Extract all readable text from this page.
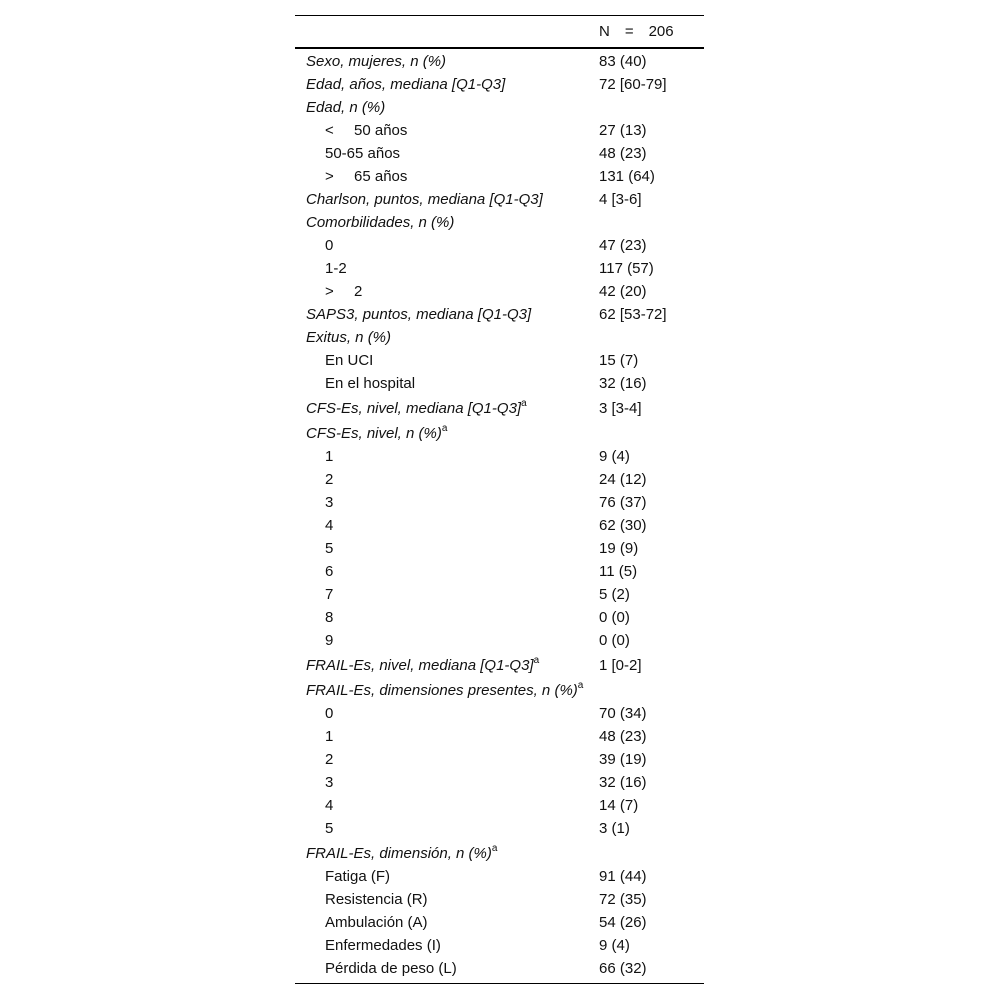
N = 206
Sexo, mujeres, n (%)	83 (40)
Edad, años, mediana [Q1-Q3]	72 [60-79]
Edad, n (%)
< 50 años	27 (13)
50-65 años	48 (23)
> 65 años	131 (64)
Charlson, puntos, mediana [Q1-Q3]	4 [3-6]
Comorbilidades, n (%)
0	47 (23)
1-2	117 (57)
> 2	42 (20)
SAPS3, puntos, mediana [Q1-Q3]	62 [53-72]
Exitus, n (%)
En UCI	15 (7)
En el hospital	32 (16)
CFS-Es, nivel, mediana $[Q1-Q3]^a$	3 [3-4]
CFS-Es, nivel, n (%)$^a$
1	9 (4)
2	24 (12)
3	76 (37)
4	62 (30)
5	19 (9)
6	11 (5)
7	5 (2)
8	0 (0)
9	0 (0)
FRAIL-Es, nivel, mediana $[Q1-Q3]^a$	1 [0-2]
FRAIL-Es, dimensiones presentes, n (%)$^a$
0	70 (34)
1	48 (23)
2	39 (19)
3	32 (16)
4	14 (7)
5	3 (1)
FRAIL-Es, dimensión, n (%)$^a$
Fatiga (F)	91 (44)
Resistencia (R)	72 (35)
Ambulación (A)	54 (26)
Enfermedades (I)	9 (4)
Pérdida de peso (L)	66 (32)
